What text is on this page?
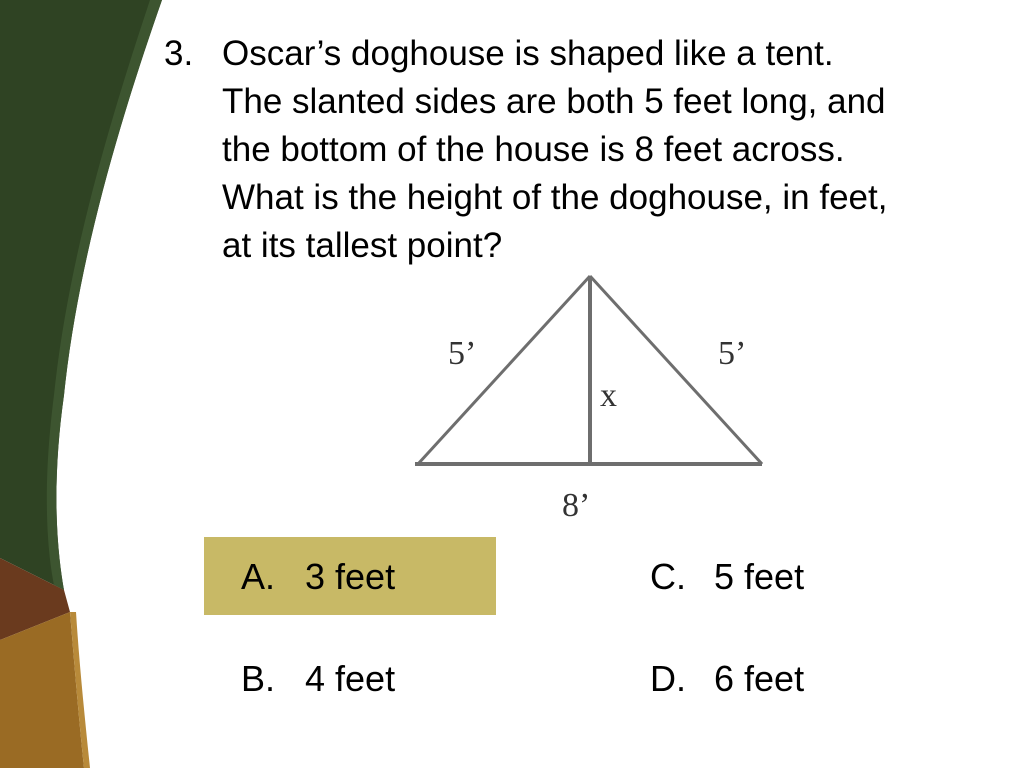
3. Oscar’s doghouse is shaped like a tent.
The slanted sides are both 5 feet long, and
the bottom of the house is 8 feet across.
What is the height of the doghouse, in feet,
at its tallest point?
5’	5’
x
8’
A. 3 feet
B. 4 feet
C. 5 feet
D. 6 feet
